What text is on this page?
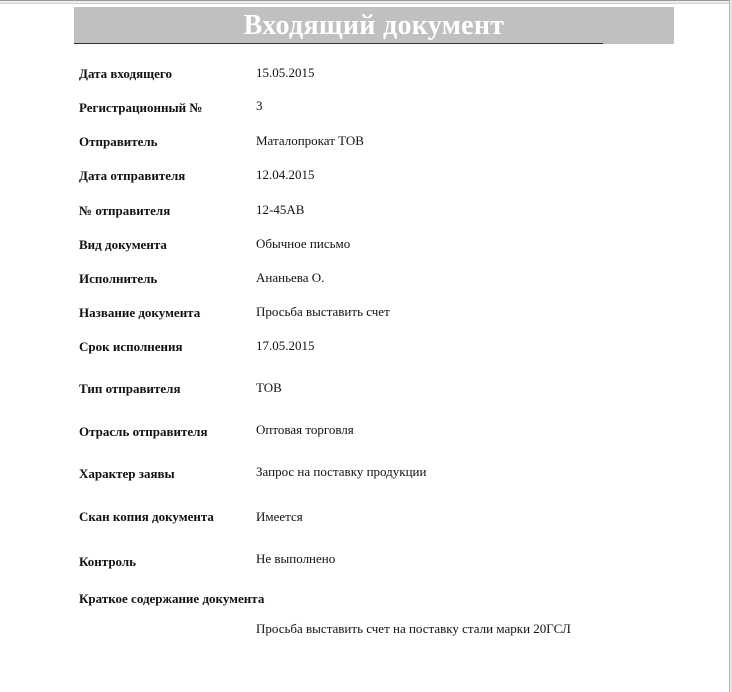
Входящий документ
Дата входящего	15.05.2015
Регистрационный №	3
Отправитель	Маталопрокат ТОВ
Дата отправителя	12.04.2015
№ отправителя	12-45АВ
Вид документа	Обычное письмо
Исполнитель	Ананьева О.
Название документа	Просьба выставить счет
Срок исполнения	17.05.2015
Тип отправителя	ТОВ
Отрасль отправителя	Оптовая торговля
Характер заявы	Запрос на поставку продукции
Скан копия документа	Имеется
Контроль	Не выполнено
Краткое содержание документа
Просьба выставить счет на поставку стали марки 20ГСЛ
